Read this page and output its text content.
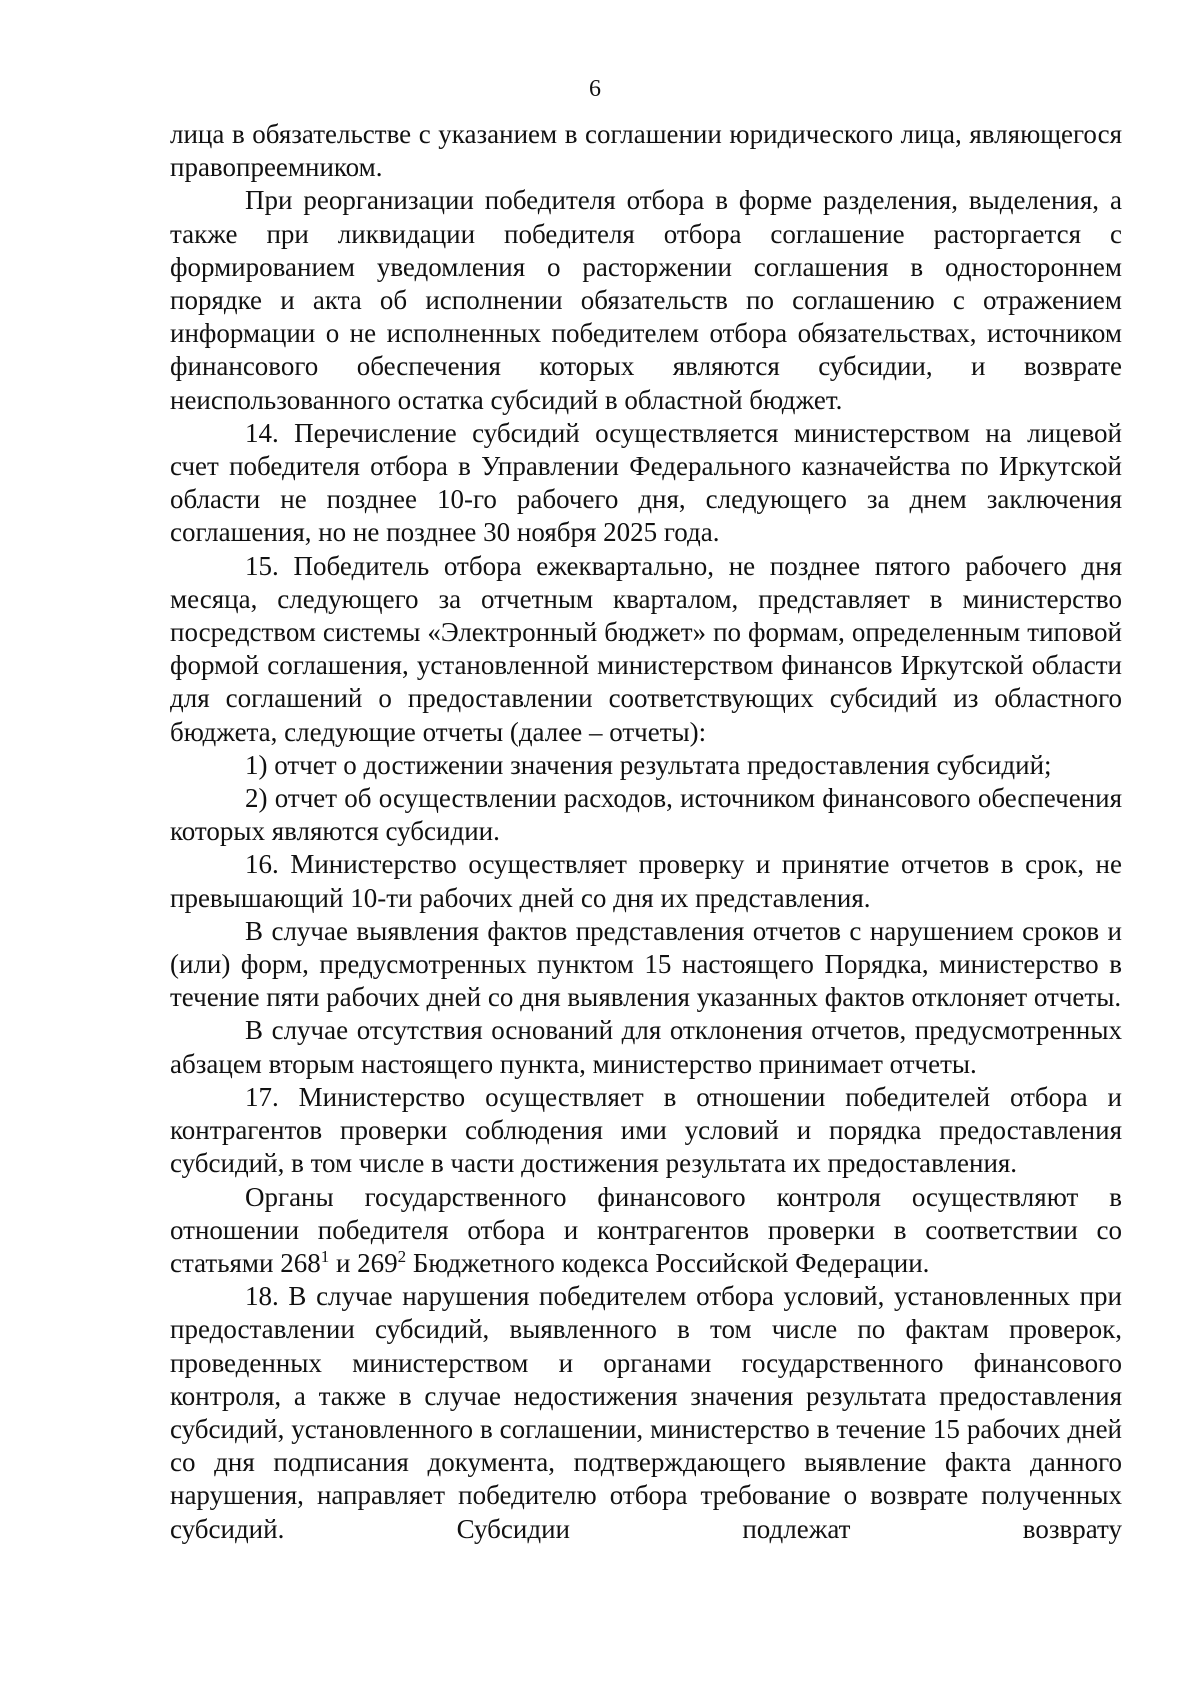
6

лица в обязательстве с указанием в соглашении юридического лица, являющегося правопреемником.

При реорганизации победителя отбора в форме разделения, выделения, а также при ликвидации победителя отбора соглашение расторгается с формированием уведомления о расторжении соглашения в одностороннем порядке и акта об исполнении обязательств по соглашению с отражением информации о не исполненных победителем отбора обязательствах, источником финансового обеспечения которых являются субсидии, и возврате неиспользованного остатка субсидий в областной бюджет.

14. Перечисление субсидий осуществляется министерством на лицевой счет победителя отбора в Управлении Федерального казначейства по Иркутской области не позднее 10-го рабочего дня, следующего за днем заключения соглашения, но не позднее 30 ноября 2025 года.

15. Победитель отбора ежеквартально, не позднее пятого рабочего дня месяца, следующего за отчетным кварталом, представляет в министерство посредством системы «Электронный бюджет» по формам, определенным типовой формой соглашения, установленной министерством финансов Иркутской области для соглашений о предоставлении соответствующих субсидий из областного бюджета, следующие отчеты (далее – отчеты):

1) отчет о достижении значения результата предоставления субсидий;

2) отчет об осуществлении расходов, источником финансового обеспечения которых являются субсидии.

16. Министерство осуществляет проверку и принятие отчетов в срок, не превышающий 10-ти рабочих дней со дня их представления.

В случае выявления фактов представления отчетов с нарушением сроков и (или) форм, предусмотренных пунктом 15 настоящего Порядка, министерство в течение пяти рабочих дней со дня выявления указанных фактов отклоняет отчеты.

В случае отсутствия оснований для отклонения отчетов, предусмотренных абзацем вторым настоящего пункта, министерство принимает отчеты.

17. Министерство осуществляет в отношении победителей отбора и контрагентов проверки соблюдения ими условий и порядка предоставления субсидий, в том числе в части достижения результата их предоставления.

Органы государственного финансового контроля осуществляют в отношении победителя отбора и контрагентов проверки в соответствии со статьями $268^1$ и $269^2$ Бюджетного кодекса Российской Федерации.

18. В случае нарушения победителем отбора условий, установленных при предоставлении субсидий, выявленного в том числе по фактам проверок, проведенных министерством и органами государственного финансового контроля, а также в случае недостижения значения результата предоставления субсидий, установленного в соглашении, министерство в течение 15 рабочих дней со дня подписания документа, подтверждающего выявление факта данного нарушения, направляет победителю отбора требование о возврате полученных субсидий. Субсидии подлежат возврату
